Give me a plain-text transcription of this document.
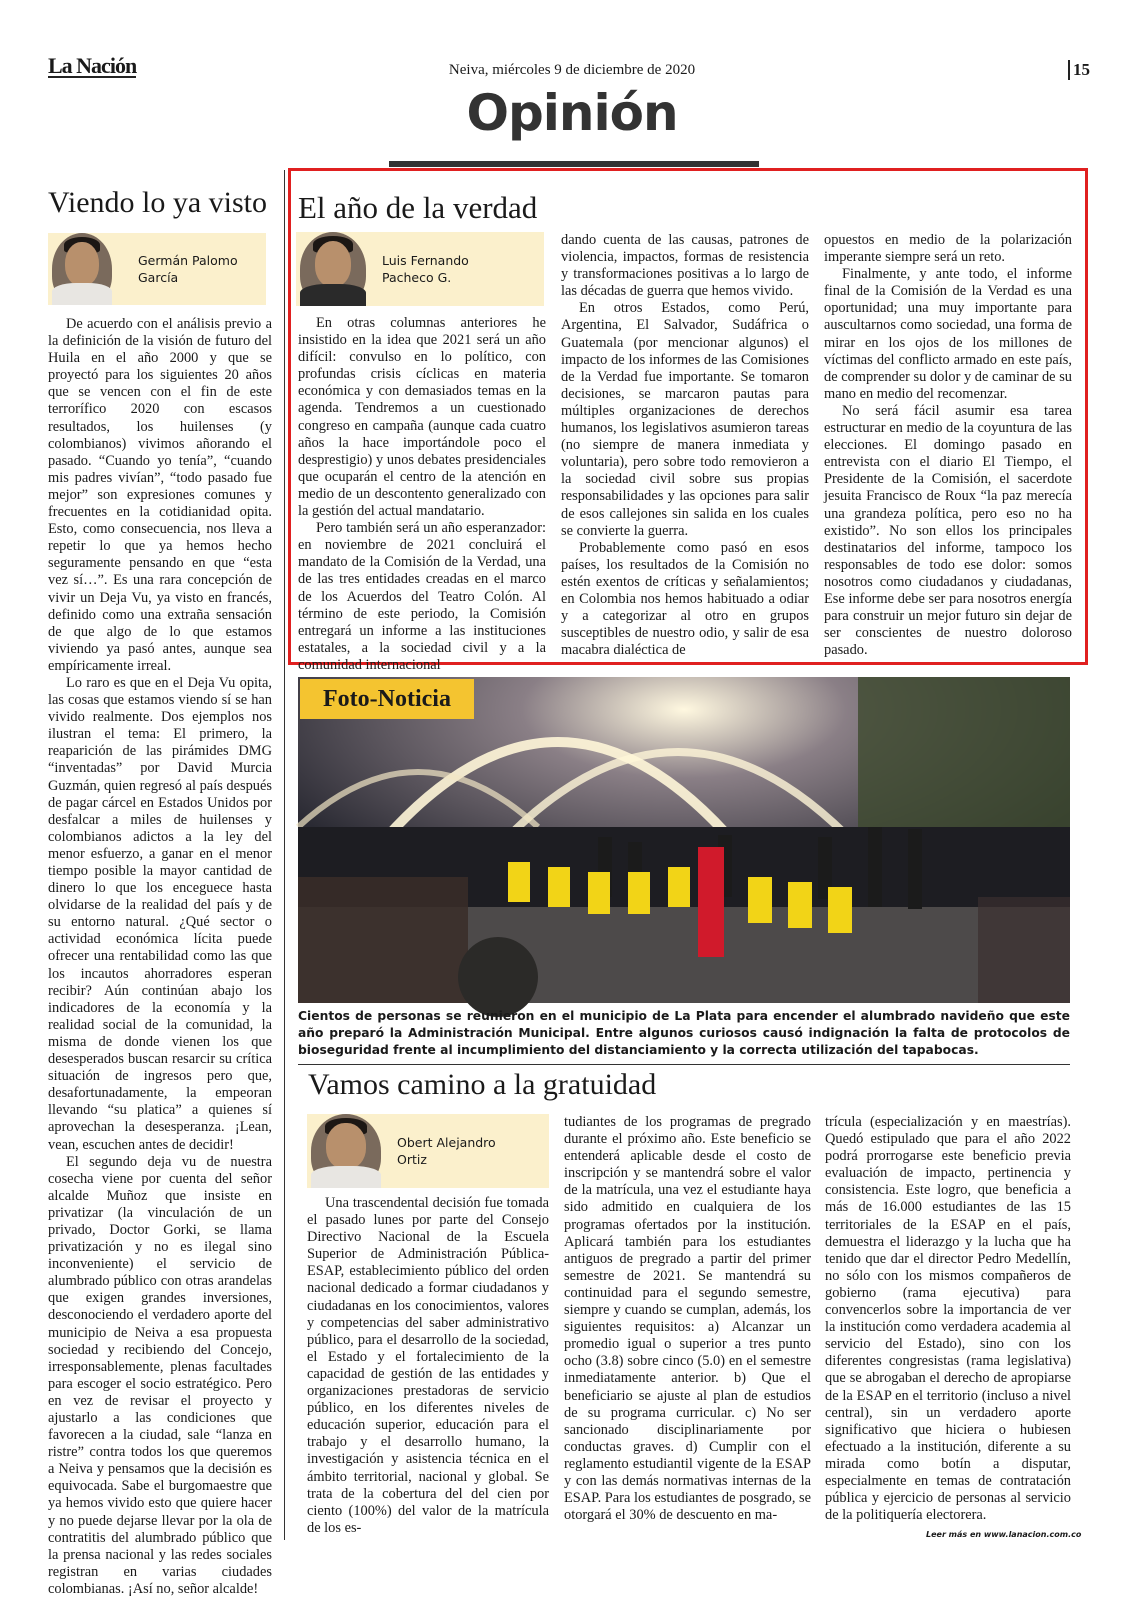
La Nación	Neiva, miércoles 9 de diciembre de 2020	15
Opinión
Viendo lo ya visto
Germán Palomo García

De acuerdo con el análisis previo a la definición de la visión de futuro del Huila en el año 2000 y que se proyectó para los siguientes 20 años que se vencen con el fin de este terrorífico 2020 con escasos resultados, los huilenses (y colombianos) vivimos añorando el pasado. “Cuando yo tenía”, “cuando mis padres vivían”, “todo pasado fue mejor” son expresiones comunes y frecuentes en la cotidianidad opita. Esto, como consecuencia, nos lleva a repetir lo que ya hemos hecho seguramente pensando en que “esta vez sí…”. Es una rara concepción de vivir un Deja Vu, ya visto en francés, definido como una extraña sensación de que algo de lo que estamos viviendo ya pasó antes, aunque sea empíricamente irreal.

Lo raro es que en el Deja Vu opita, las cosas que estamos viendo sí se han vivido realmente. Dos ejemplos nos ilustran el tema: El primero, la reaparición de las pirámides DMG “inventadas” por David Murcia Guzmán, quien regresó al país después de pagar cárcel en Estados Unidos por desfalcar a miles de huilenses y colombianos adictos a la ley del menor esfuerzo, a ganar en el menor tiempo posible la mayor cantidad de dinero lo que los enceguece hasta olvidarse de la realidad del país y de su entorno natural. ¿Qué sector o actividad económica lícita puede ofrecer una rentabilidad como las que los incautos ahorradores esperan recibir? Aún continúan abajo los indicadores de la economía y la realidad social de la comunidad, la misma de donde vienen los que desesperados buscan resarcir su crítica situación de ingresos pero que, desafortunadamente, la empeoran llevando “su platica” a quienes sí aprovechan la desesperanza. ¡Lean, vean, escuchen antes de decidir!

El segundo deja vu de nuestra cosecha viene por cuenta del señor alcalde Muñoz que insiste en privatizar (la vinculación de un privado, Doctor Gorki, se llama privatización y no es ilegal sino inconveniente) el servicio de alumbrado público con otras arandelas que exigen grandes inversiones, desconociendo el verdadero aporte del municipio de Neiva a esa propuesta sociedad y recibiendo del Concejo, irresponsablemente, plenas facultades para escoger el socio estratégico. Pero en vez de revisar el proyecto y ajustarlo a las condiciones que favorecen a la ciudad, sale “lanza en ristre” contra todos los que queremos a Neiva y pensamos que la decisión es equivocada. Sabe el burgomaestre que ya hemos vivido esto que quiere hacer y no puede dejarse llevar por la ola de contratitis del alumbrado público que la prensa nacional y las redes sociales registran en varias ciudades colombianas. ¡Así no, señor alcalde!

El año de la verdad
Luis Fernando Pacheco G.

En otras columnas anteriores he insistido en la idea que 2021 será un año difícil: convulso en lo político, con profundas crisis cíclicas en materia económica y con demasiados temas en la agenda. Tendremos a un cuestionado congreso en campaña (aunque cada cuatro años la hace importándole poco el desprestigio) y unos debates presidenciales que ocuparán el centro de la atención en medio de un descontento generalizado con la gestión del actual mandatario.

Pero también será un año esperanzador: en noviembre de 2021 concluirá el mandato de la Comisión de la Verdad, una de las tres entidades creadas en el marco de los Acuerdos del Teatro Colón. Al término de este periodo, la Comisión entregará un informe a las instituciones estatales, a la sociedad civil y a la comunidad internacional

dando cuenta de las causas, patrones de violencia, impactos, formas de resistencia y transformaciones positivas a lo largo de las décadas de guerra que hemos vivido.

En otros Estados, como Perú, Argentina, El Salvador, Sudáfrica o Guatemala (por mencionar algunos) el impacto de los informes de las Comisiones de la Verdad fue importante. Se tomaron decisiones, se marcaron pautas para múltiples organizaciones de derechos humanos, los legislativos asumieron tareas (no siempre de manera inmediata y voluntaria), pero sobre todo removieron a la sociedad civil sobre sus propias responsabilidades y las opciones para salir de esos callejones sin salida en los cuales se convierte la guerra.

Probablemente como pasó en esos países, los resultados de la Comisión no estén exentos de críticas y señalamientos; en Colombia nos hemos habituado a odiar y a categorizar al otro en grupos susceptibles de nuestro odio, y salir de esa macabra dialéctica de

opuestos en medio de la polarización imperante siempre será un reto.

Finalmente, y ante todo, el informe final de la Comisión de la Verdad es una oportunidad; una muy importante para auscultarnos como sociedad, una forma de mirar en los ojos de los millones de víctimas del conflicto armado en este país, de comprender su dolor y de caminar de su mano en medio del recomenzar.

No será fácil asumir esa tarea estructurar en medio de la coyuntura de las elecciones. El domingo pasado en entrevista con el diario El Tiempo, el Presidente de la Comisión, el sacerdote jesuita Francisco de Roux “la paz merecía una grandeza política, pero eso no ha existido”. No son ellos los principales destinatarios del informe, tampoco los responsables de todo ese dolor: somos nosotros como ciudadanos y ciudadanas, Ese informe debe ser para nosotros energía para construir un mejor futuro sin dejar de ser conscientes de nuestro doloroso pasado.

Foto-Noticia
Cientos de personas se reunieron en el municipio de La Plata para encender el alumbrado navideño que este año preparó la Administración Municipal. Entre algunos curiosos causó indignación la falta de protocolos de bioseguridad frente al incumplimiento del distanciamiento y la correcta utilización del tapabocas.
Vamos camino a la gratuidad
Obert Alejandro Ortiz

Una trascendental decisión fue tomada el pasado lunes por parte del Consejo Directivo Nacional de la Escuela Superior de Administración Pública-ESAP, establecimiento público del orden nacional dedicado a formar ciudadanos y ciudadanas en los conocimientos, valores y competencias del saber administrativo público, para el desarrollo de la sociedad, el Estado y el fortalecimiento de la capacidad de gestión de las entidades y organizaciones prestadoras de servicio público, en los diferentes niveles de educación superior, educación para el trabajo y el desarrollo humano, la investigación y asistencia técnica en el ámbito territorial, nacional y global. Se trata de la cobertura del del cien por ciento (100%) del valor de la matrícula de los es-

tudiantes de los programas de pregrado durante el próximo año. Este beneficio se entenderá aplicable desde el costo de inscripción y se mantendrá sobre el valor de la matrícula, una vez el estudiante haya sido admitido en cualquiera de los programas ofertados por la institución. Aplicará también para los estudiantes antiguos de pregrado a partir del primer semestre de 2021. Se mantendrá su continuidad para el segundo semestre, siempre y cuando se cumplan, además, los siguientes requisitos: a) Alcanzar un promedio igual o superior a tres punto ocho (3.8) sobre cinco (5.0) en el semestre inmediatamente anterior. b) Que el beneficiario se ajuste al plan de estudios de su programa curricular. c) No ser sancionado disciplinariamente por conductas graves. d) Cumplir con el reglamento estudiantil vigente de la ESAP y con las demás normativas internas de la ESAP. Para los estudiantes de posgrado, se otorgará el 30% de descuento en ma-

trícula (especialización y en maestrías). Quedó estipulado que para el año 2022 podrá prorrogarse este beneficio previa evaluación de impacto, pertinencia y consistencia. Este logro, que beneficia a más de 16.000 estudiantes de las 15 territoriales de la ESAP en el país, demuestra el liderazgo y la lucha que ha tenido que dar el director Pedro Medellín, no sólo con los mismos compañeros de gobierno (rama ejecutiva) para convencerlos sobre la importancia de ver la institución como verdadera academia al servicio del Estado), sino con los diferentes congresistas (rama legislativa) que se abrogaban el derecho de apropiarse de la ESAP en el territorio (incluso a nivel central), sin un verdadero aporte significativo que hiciera o hubiesen efectuado a la institución, diferente a su mirada como botín a disputar, especialmente en temas de contratación pública y ejercicio de personas al servicio de la politiquería electorera.

Leer más en www.lanacion.com.co
